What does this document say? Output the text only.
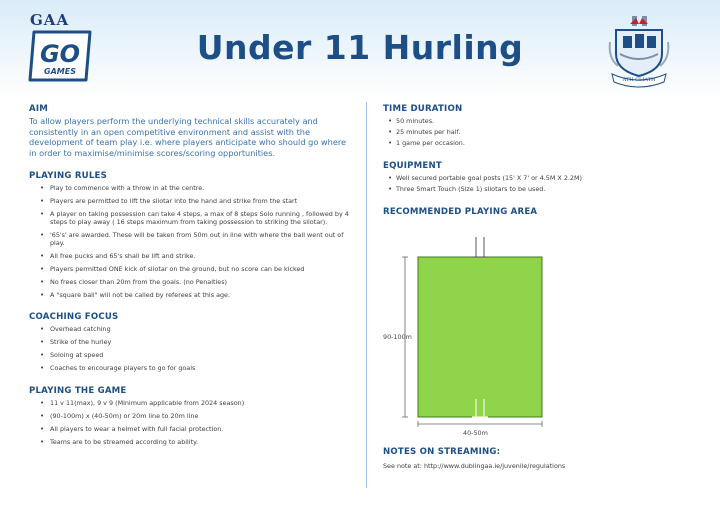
GAA
GO
GAMES
Under 11 Hurling
ÁTH CLIATH
AIM

To allow players perform the underlying technical skills accurately and consistently in an open competitive environment and assist with the development of team play i.e. where players anticipate who should go where in order to maximise/minimise scores/scoring opportunities.

PLAYING RULES
• Play to commence with a throw in at the centre.
• Players are permitted to lift the sliotar into the hand and strike from the start
• A player on taking possession can take 4 steps, a max of 8 steps Solo running , followed by 4 steps to play away ( 16 steps maximum from taking possession to striking the sliotar).
• '65's' are awarded. These will be taken from 50m out in line with where the ball went out of play.
• All free pucks and 65's shall be lift and strike.
• Players permitted ONE kick of sliotar on the ground, but no score can be kicked
• No frees closer than 20m from the goals. (no Penalties)
• A "square ball" will not be called by referees at this age.
COACHING FOCUS
• Overhead catching
• Strike of the hurley
• Soloing at speed
• Coaches to encourage players to go for goals
PLAYING THE GAME
• 11 v 11(max), 9 v 9 (Minimum applicable from 2024 season)
• (90-100m) x (40-50m) or 20m line to 20m line
• All players to wear a helmet with full facial protection.
• Teams are to be streamed according to ability.
TIME DURATION
• 50 minutes.
• 25 minutes per half.
• 1 game per occasion.
EQUIPMENT
• Well secured portable goal posts (15' X 7' or 4.5M X 2.2M)
• Three Smart Touch (Size 1) sliotars to be used.
RECOMMENDED PLAYING AREA
90-100m
40-50m
NOTES ON STREAMING:
See note at: http://www.dublingaa.ie/juvenile/regulations
